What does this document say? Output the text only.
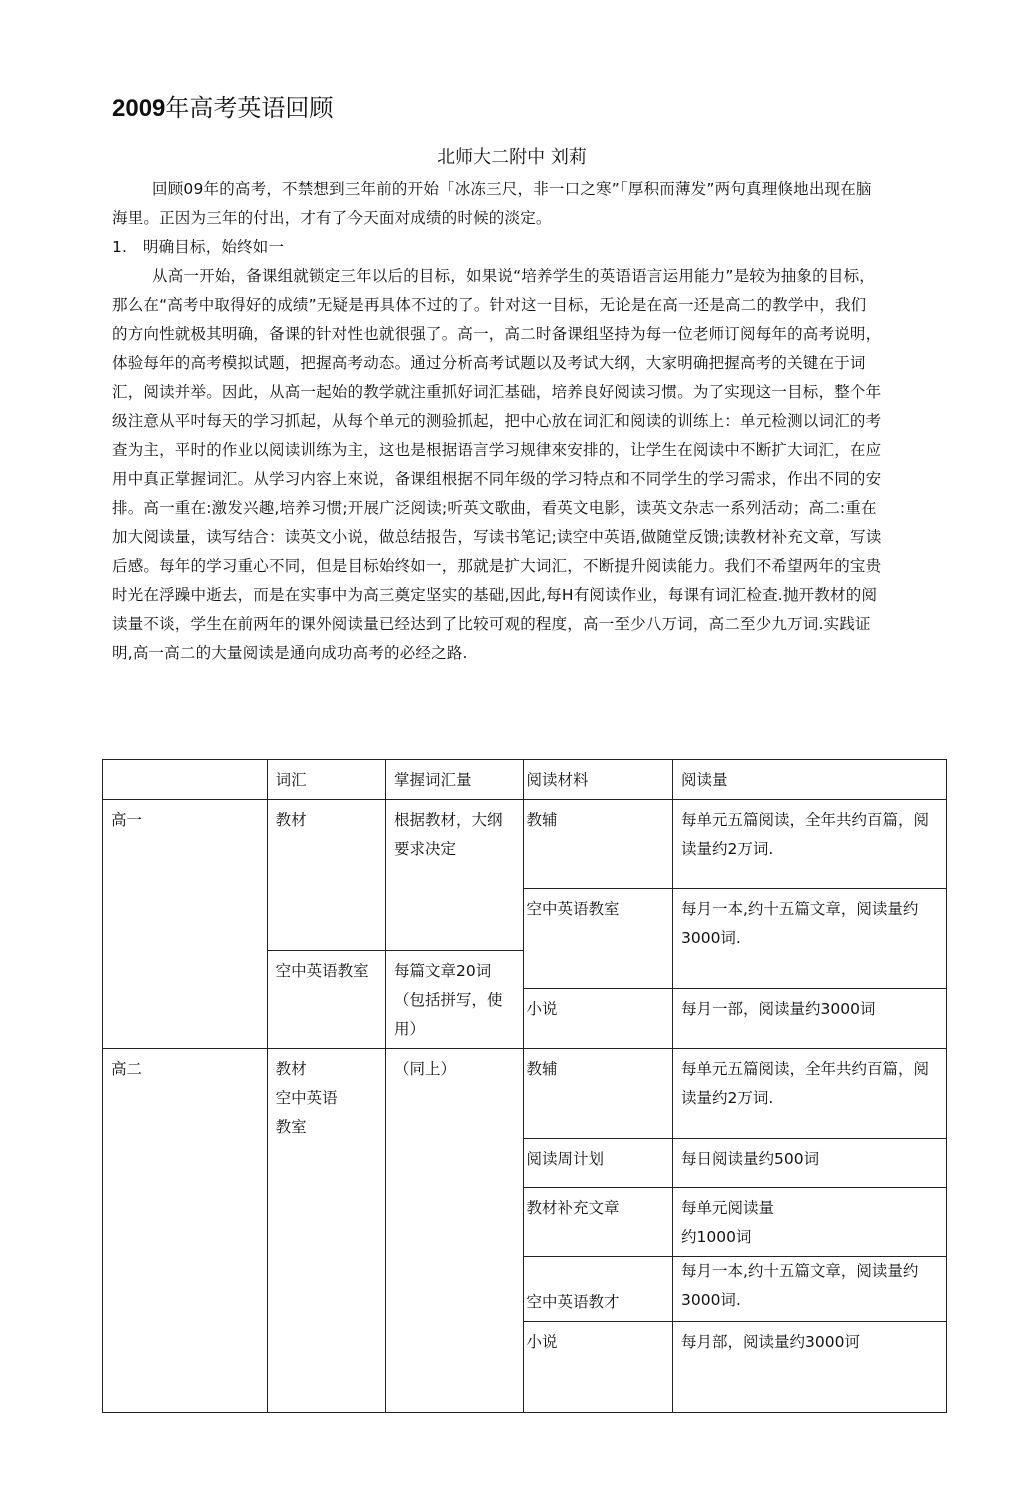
2009年高考英语回顾
北师大二附中 刘莉

回顾09年的高考，不禁想到三年前的开始「冰冻三尺，非一口之寒”「厚积而薄发”两句真理倏地出现在脑海里。正因为三年的付出，才有了今天面对成绩的时候的淡定。

1.　明确目标，始终如一

从高一开始，备课组就锁定三年以后的目标，如果说“培养学生的英语语言运用能力”是较为抽象的目标，那么在“高考中取得好的成绩”无疑是再具体不过的了。针对这一目标，无论是在高一还是高二的教学中，我们的方向性就极其明确，备课的针对性也就很强了。高一，高二时备课组坚持为每一位老师订阅每年的高考说明，体验每年的高考模拟试题，把握高考动态。通过分析高考试题以及考试大纲，大家明确把握高考的关键在于词汇，阅读并举。因此，从高一起始的教学就注重抓好词汇基础，培养良好阅读习惯。为了实现这一目标，整个年级注意从平吋每天的学习抓起，从每个单元的测验抓起，把中心放在词汇和阅读的训练上：单元检测以词汇的考查为主，平时的作业以阅读训练为主，这也是根据语言学习规律來安排的，让学生在阅读中不断扩大词汇，在应用中真正掌握词汇。从学习内容上來说，备课组根据不同年级的学习特点和不同学生的学习需求，作出不同的安排。高一重在:激发兴趣,培养习惯;开展广泛阅读;听英文歌曲，看英文电影，读英文杂志一系列活动；高二:重在加大阅读量，读写结合：读英文小说，做总结报告，写读书笔记;读空中英语,做随堂反馈;读教材补充文章，写读后感。每年的学习重心不同，但是目标始终如一，那就是扩大词汇，不断提升阅读能力。我们不希望两年的宝贵时光在浮躁中逝去，而是在实事中为高三奠定坚实的基础,因此,每H有阅读作业，每课有词汇检查.抛开教材的阅读量不谈，学生在前两年的课外阅读量已经达到了比较可观的程度，高一至少八万词，高二至少九万词.实践证明,高一高二的大量阅读是通向成功高考的必经之路.

	词汇	掌握词汇量	阅读材料	阅读量
高一	教材	根据教材，大纲要求决定	教辅	每单元五篇阅读，全年共约百篇，阅读量约2万词.
			空中英语教室	每月一本,约十五篇文章，阅读量约3000词.
	空中英语教室	每篇文章20词（包括拼写，使用）		
			小说	每月一部，阅读量约3000词
高二	教材
空中英语
教室	（同上）	教辅	每单元五篇阅读，全年共约百篇，阅读量约2万词.
			阅读周计划	每日阅读量约500词
			教材补充文章	每单元阅读量
约1000词
			空中英语教才	每月一本,约十五篇文章，阅读量约3000词.
			小说	每月部，阅读量约3000诃
